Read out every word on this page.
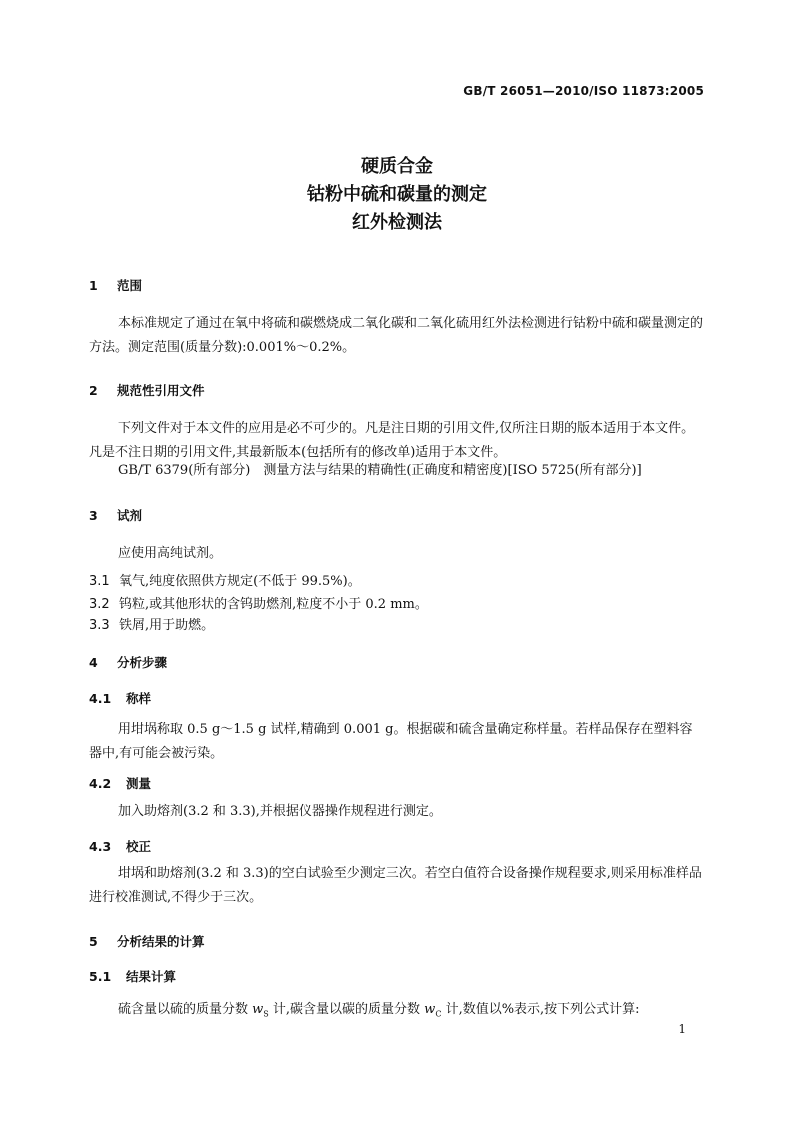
GB/T 26051—2010/ISO 11873:2005
硬质合金
钴粉中硫和碳量的测定
红外检测法
1 范围
本标准规定了通过在氧中将硫和碳燃烧成二氧化碳和二氧化硫用红外法检测进行钴粉中硫和碳量测定的方法。测定范围(质量分数):0.001%～0.2%。
2 规范性引用文件
下列文件对于本文件的应用是必不可少的。凡是注日期的引用文件,仅所注日期的版本适用于本文件。凡是不注日期的引用文件,其最新版本(包括所有的修改单)适用于本文件。
GB/T 6379(所有部分)　测量方法与结果的精确性(正确度和精密度)[ISO 5725(所有部分)]
3 试剂
应使用高纯试剂。
3.1 氧气,纯度依照供方规定(不低于 99.5%)。
3.2 钨粒,或其他形状的含钨助燃剂,粒度不小于 0.2 mm。
3.3 铁屑,用于助燃。
4 分析步骤
4.1 称样
用坩埚称取 0.5 g～1.5 g 试样,精确到 0.001 g。根据碳和硫含量确定称样量。若样品保存在塑料容器中,有可能会被污染。
4.2 测量
加入助熔剂(3.2 和 3.3),并根据仪器操作规程进行测定。
4.3 校正
坩埚和助熔剂(3.2 和 3.3)的空白试验至少测定三次。若空白值符合设备操作规程要求,则采用标准样品进行校准测试,不得少于三次。
5 分析结果的计算
5.1 结果计算
硫含量以硫的质量分数 $w_S$ 计,碳含量以碳的质量分数 $w_C$ 计,数值以%表示,按下列公式计算:
1
